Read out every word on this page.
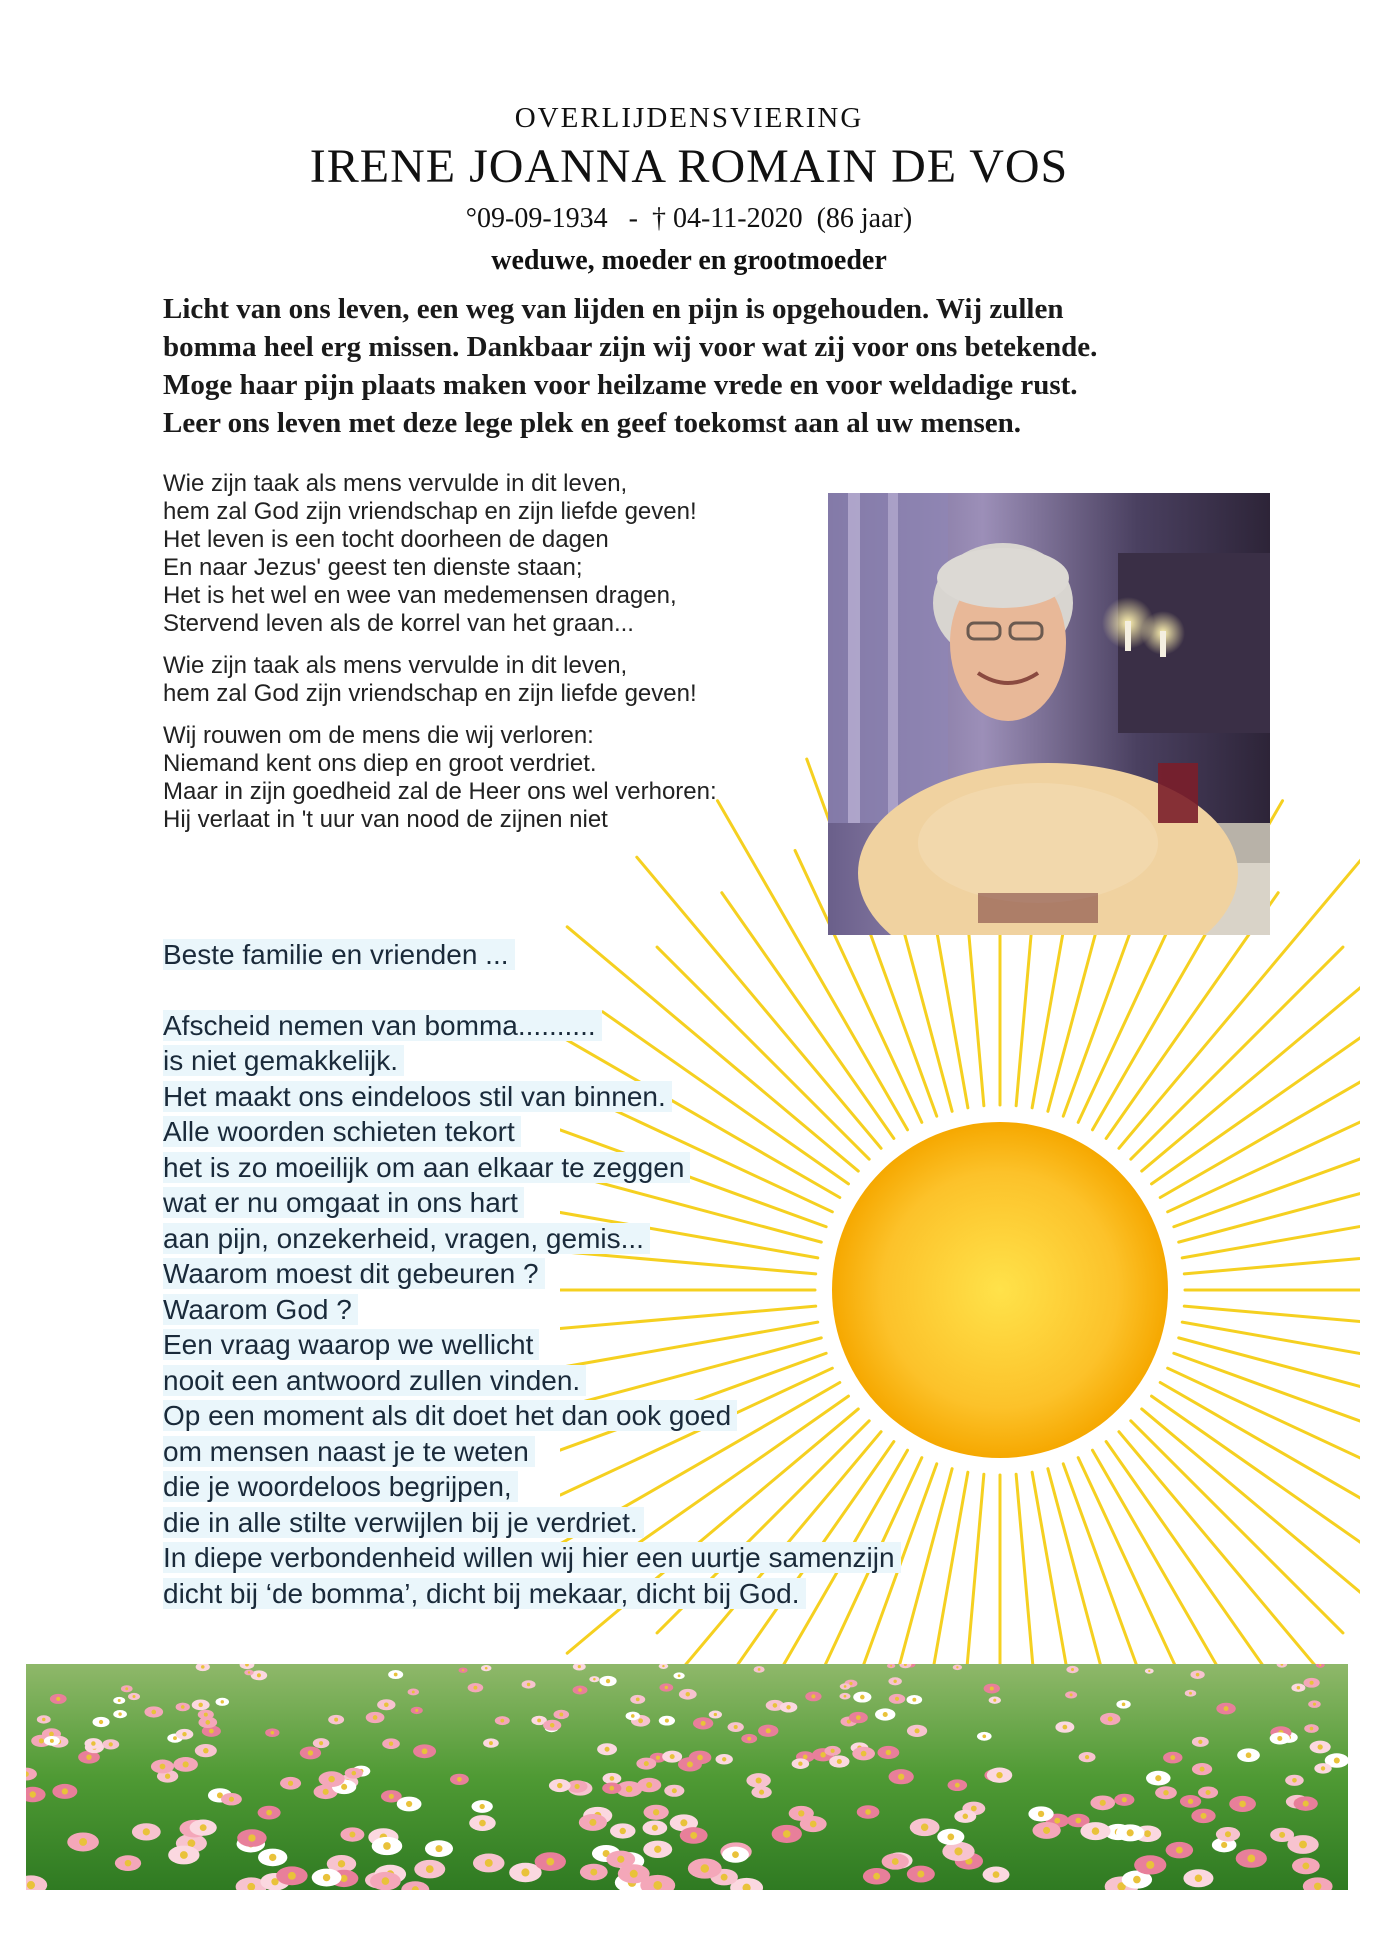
OVERLIJDENSVIERING
IRENE JOANNA ROMAIN DE VOS
°09-09-1934   -  † 04-11-2020  (86 jaar)
weduwe, moeder en grootmoeder

Licht van ons leven, een weg van lijden en pijn is opgehouden. Wij zullen

bomma heel erg missen. Dankbaar zijn wij voor wat zij voor ons betekende.

Moge haar pijn plaats maken voor heilzame vrede en voor weldadige rust.

Leer ons leven met deze lege plek en geef toekomst aan al uw mensen.

Wie zijn taak als mens vervulde in dit leven,
hem zal God zijn vriendschap en zijn liefde geven!
Het leven is een tocht doorheen de dagen
En naar Jezus' geest ten dienste staan;
Het is het wel en wee van medemensen dragen,
Stervend leven als de korrel van het graan...
Wie zijn taak als mens vervulde in dit leven,
hem zal God zijn vriendschap en zijn liefde geven!
Wij rouwen om de mens die wij verloren:
Niemand kent ons diep en groot verdriet.
Maar in zijn goedheid zal de Heer ons wel verhoren:
Hij verlaat in 't uur van nood de zijnen niet
Beste familie en vrienden ...
Afscheid nemen van bomma..........
is niet gemakkelijk.
Het maakt ons eindeloos stil van binnen.
Alle woorden schieten tekort
het is zo moeilijk om aan elkaar te zeggen
wat er nu omgaat in ons hart
aan pijn, onzekerheid, vragen, gemis...
Waarom moest dit gebeuren ?
Waarom God ?
Een vraag waarop we wellicht
nooit een antwoord zullen vinden.
Op een moment als dit doet het dan ook goed
om mensen naast je te weten
die je woordeloos begrijpen,
die in alle stilte verwijlen bij je verdriet.
In diepe verbondenheid willen wij hier een uurtje samenzijn
dicht bij ‘de bomma’, dicht bij mekaar, dicht bij God.
